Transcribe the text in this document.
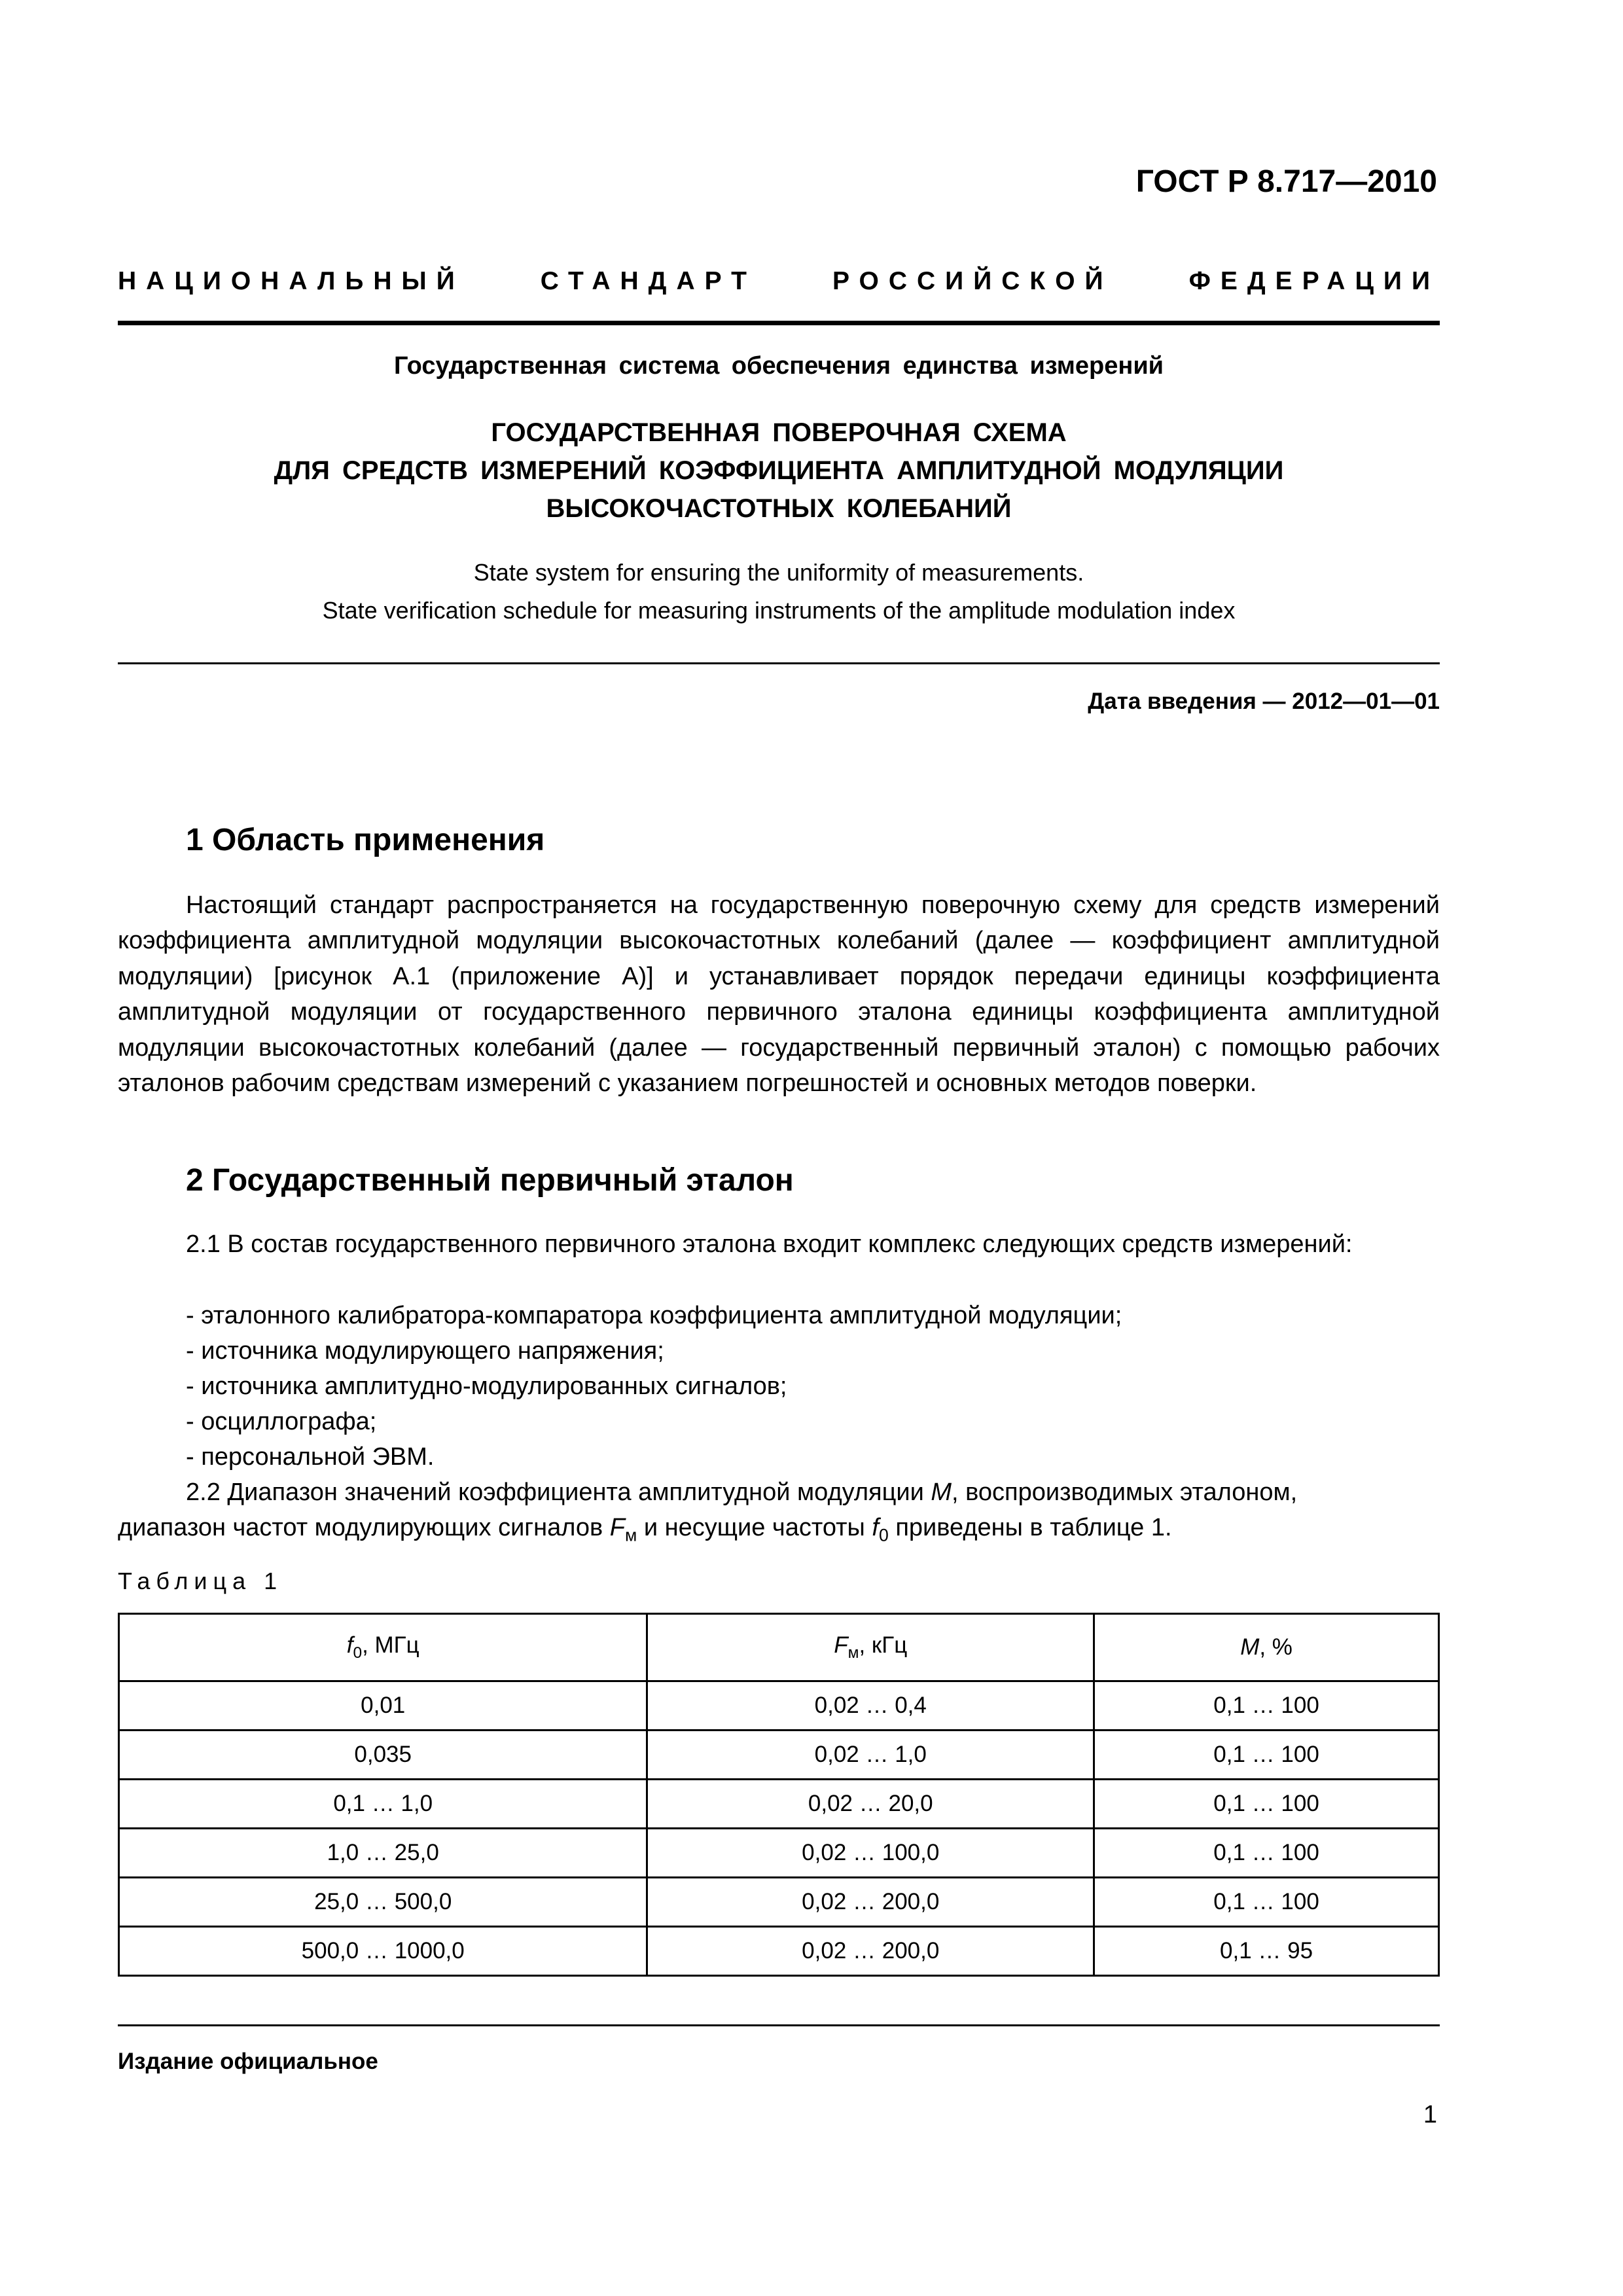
ГОСТ Р 8.717—2010
НАЦИОНАЛЬНЫЙ	СТАНДАРТ	РОССИЙСКОЙ	ФЕДЕРАЦИИ
Государственная система обеспечения единства измерений
ГОСУДАРСТВЕННАЯ ПОВЕРОЧНАЯ СХЕМА
ДЛЯ СРЕДСТВ ИЗМЕРЕНИЙ КОЭФФИЦИЕНТА АМПЛИТУДНОЙ МОДУЛЯЦИИ
ВЫСОКОЧАСТОТНЫХ КОЛЕБАНИЙ
State system for ensuring the uniformity of measurements.
State verification schedule for measuring instruments of the amplitude modulation index
Дата введения — 2012—01—01
1 Область применения
Настоящий стандарт распространяется на государственную поверочную схему для средств измерений коэффициента амплитудной модуляции высокочастотных колебаний (далее — коэффициент амплитудной модуляции) [рисунок А.1 (приложение А)] и устанавливает порядок передачи единицы коэффициента амплитудной модуляции от государственного первичного эталона единицы коэффициента амплитудной модуляции высокочастотных колебаний (далее — государственный первичный эталон) с помощью рабочих эталонов рабочим средствам измерений с указанием погрешностей и основных методов поверки.
2 Государственный первичный эталон
2.1 В состав государственного первичного эталона входит комплекс следующих средств измерений:
- эталонного калибратора-компаратора коэффициента амплитудной модуляции;
- источника модулирующего напряжения;
- источника амплитудно-модулированных сигналов;
- осциллографа;
- персональной ЭВМ.
2.2 Диапазон значений коэффициента амплитудной модуляции M, воспроизводимых эталоном,
диапазон частот модулирующих сигналов $F_м$ и несущие частоты $f_0$ приведены в таблице 1.
Таблица 1
$f_0$, МГц	$F_м$, кГц	M, %
0,01	0,02 … 0,4	0,1 … 100
0,035	0,02 … 1,0	0,1 … 100
0,1 … 1,0	0,02 … 20,0	0,1 … 100
1,0 … 25,0	0,02 … 100,0	0,1 … 100
25,0 … 500,0	0,02 … 200,0	0,1 … 100
500,0 … 1000,0	0,02 … 200,0	0,1 … 95
Издание официальное
1
